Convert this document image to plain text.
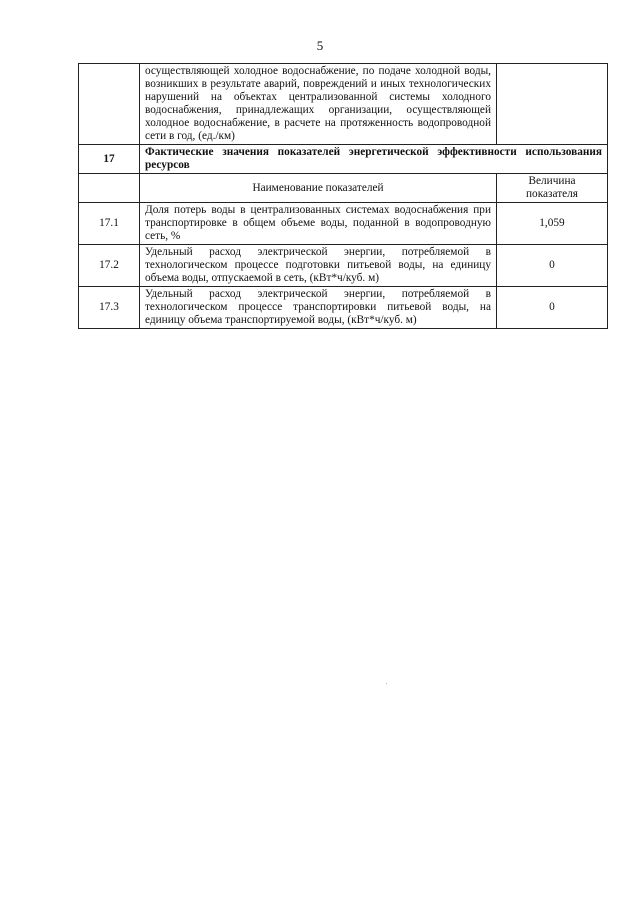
5
	осуществляющей холодное водоснабжение, по подаче холодной воды, возникших в результате аварий, повреждений и иных технологических нарушений на объектах централизованной системы холодного водоснабжения, принадлежащих организации, осуществляющей холодное водоснабжение, в расчете на протяженность водопроводной сети в год, (ед./км)	
17	Фактические значения показателей энергетической эффективности использования ресурсов	
	Наименование показателей	Величина показателя
17.1	Доля потерь воды в централизованных системах водоснабжения при транспортировке в общем объеме воды, поданной в водопроводную сеть, %	1,059
17.2	Удельный расход электрической энергии, потребляемой в технологическом процессе подготовки питьевой воды, на единицу объема воды, отпускаемой в сеть, (кВт*ч/куб. м)	0
17.3	Удельный расход электрической энергии, потребляемой в технологическом процессе транспортировки питьевой воды, на единицу объема транспортируемой воды, (кВт*ч/куб. м)	0
